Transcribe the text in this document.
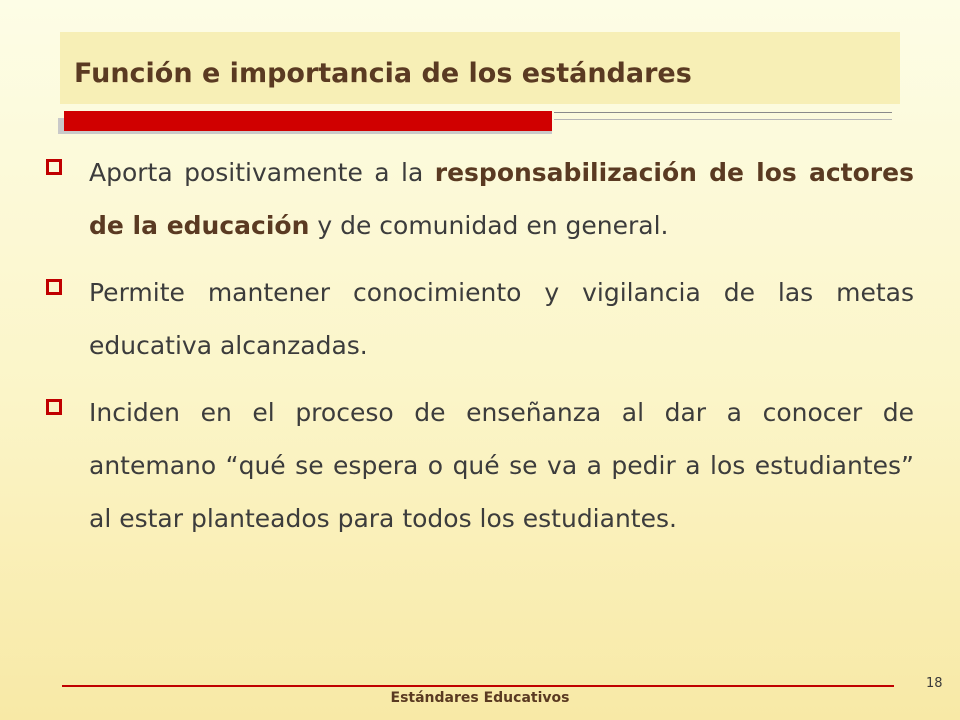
Función e importancia de los estándares
Aporta positivamente a la responsabilización de los actores de la educación y de comunidad en general.
Permite mantener conocimiento y vigilancia de las metas educativa alcanzadas.
Inciden en el proceso de enseñanza al dar a conocer de antemano “qué se espera o qué se va a pedir a los estudiantes” al estar planteados para todos los estudiantes.
Estándares Educativos
18
